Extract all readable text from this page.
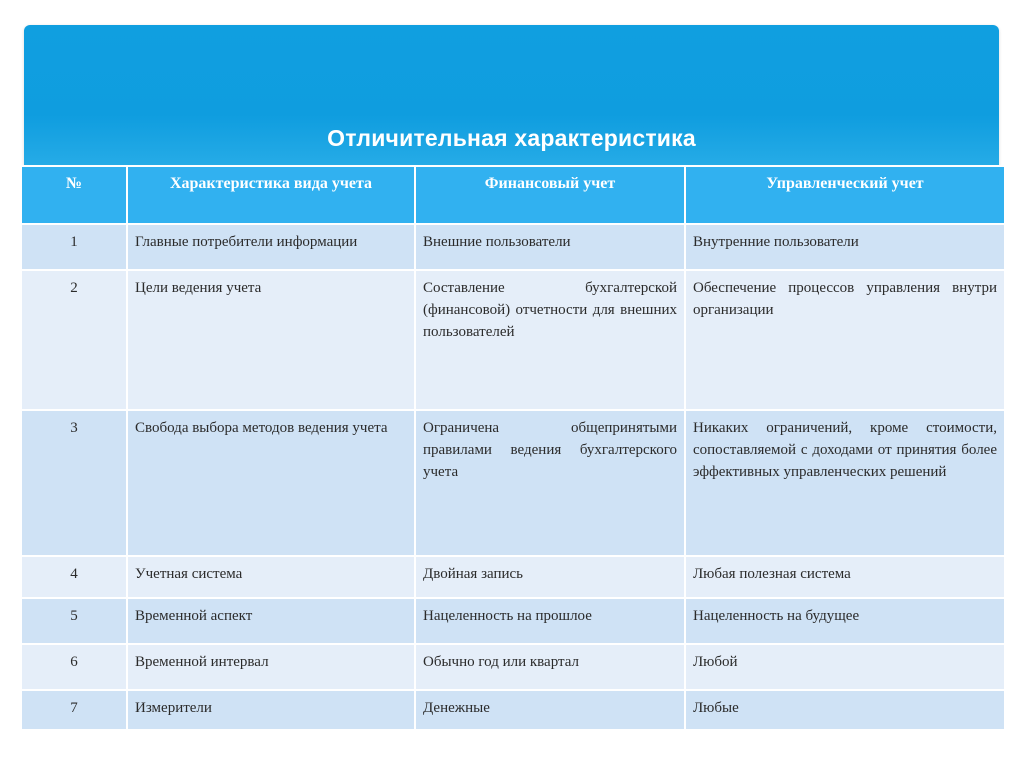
Отличительная характеристика
№	Характеристика вида учета	Финансовый учет	Управленческий учет
1	Главные потребители информации	Внешние пользователи	Внутренние пользователи
2	Цели ведения учета	Составление бухгалтерской (финансовой) отчетности для внешних пользователей	Обеспечение процессов управления внутри организации
3	Свобода выбора методов ведения учета	Ограничена общепринятыми правилами ведения бухгалтерского учета	Никаких ограничений, кроме стоимости, сопоставляемой с доходами от принятия более эффективных управленческих решений
4	Учетная система	Двойная запись	Любая полезная система
5	Временной аспект	Нацеленность на прошлое	Нацеленность на будущее
6	Временной интервал	Обычно год или квартал	Любой
7	Измерители	Денежные	Любые
